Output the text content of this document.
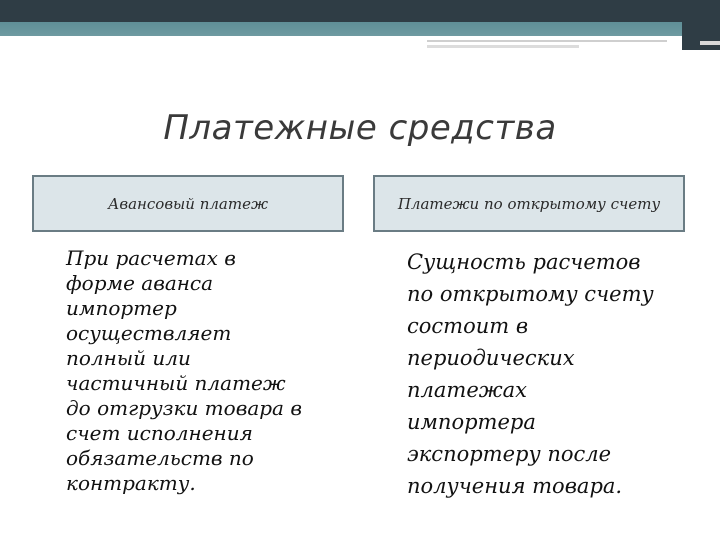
Платежные средства
Авансовый платеж	Платежи по открытому счету
При расчетах в
форме аванса
импортер
осуществляет
полный или
частичный платеж
до отгрузки товара в
счет исполнения
обязательств по
контракту.
Сущность расчетов
по открытому счету
состоит в
периодических
платежах
импортера
экспортеру после
получения товара.
